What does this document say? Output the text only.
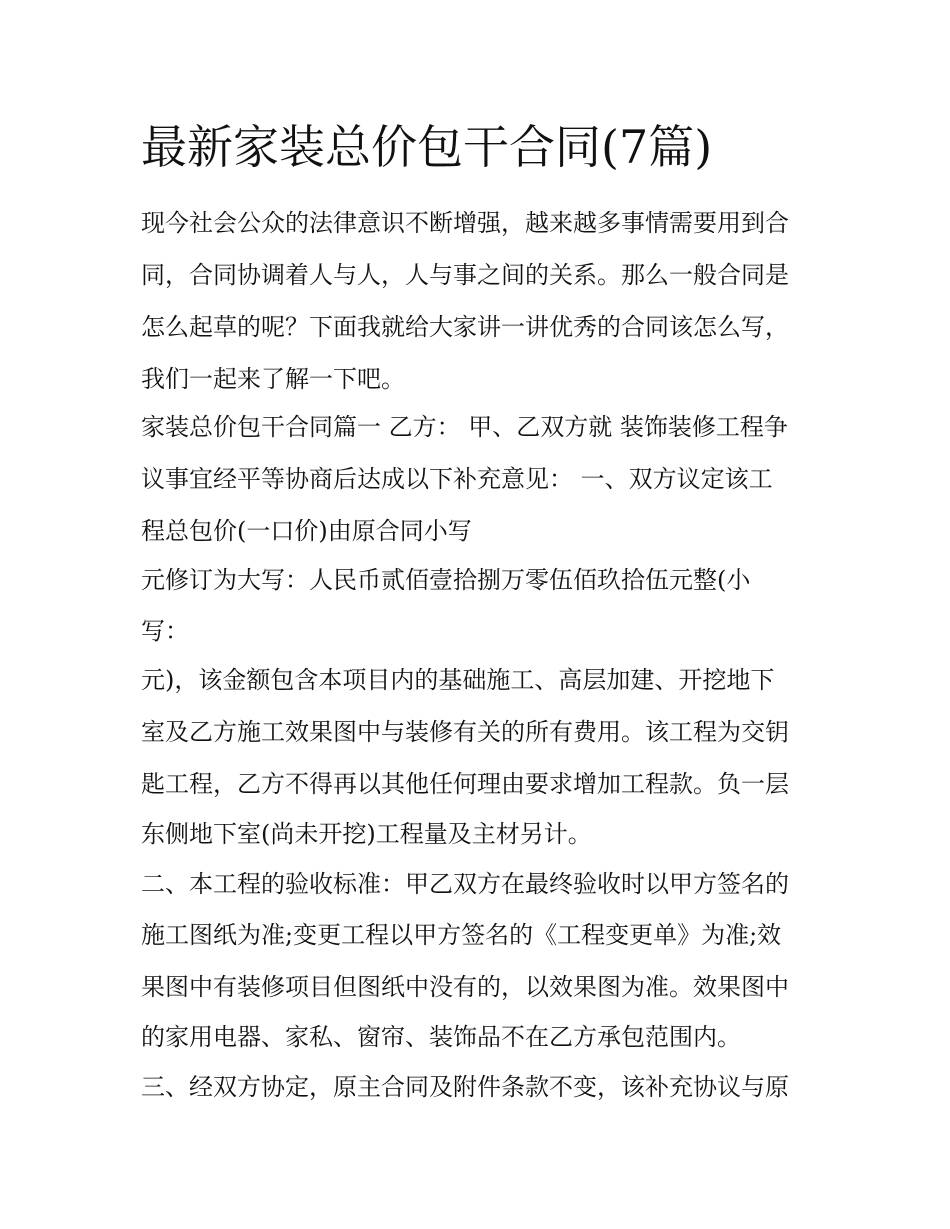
最新家装总价包干合同(7篇)

现今社会公众的法律意识不断增强，越来越多事情需要用到合

同，合同协调着人与人，人与事之间的关系。那么一般合同是

怎么起草的呢？下面我就给大家讲一讲优秀的合同该怎么写，

我们一起来了解一下吧。

家装总价包干合同篇一 乙方： 甲、乙双方就 装饰装修工程争

议事宜经平等协商后达成以下补充意见： 一、双方议定该工

程总包价(一口价)由原合同小写

元修订为大写：人民币贰佰壹拾捌万零伍佰玖拾伍元整(小

写：

元)，该金额包含本项目内的基础施工、高层加建、开挖地下

室及乙方施工效果图中与装修有关的所有费用。该工程为交钥

匙工程，乙方不得再以其他任何理由要求增加工程款。负一层

东侧地下室(尚未开挖)工程量及主材另计。

二、本工程的验收标准：甲乙双方在最终验收时以甲方签名的

施工图纸为准;变更工程以甲方签名的《工程变更单》为准;效

果图中有装修项目但图纸中没有的，以效果图为准。效果图中

的家用电器、家私、窗帘、装饰品不在乙方承包范围内。

三、经双方协定，原主合同及附件条款不变，该补充协议与原
